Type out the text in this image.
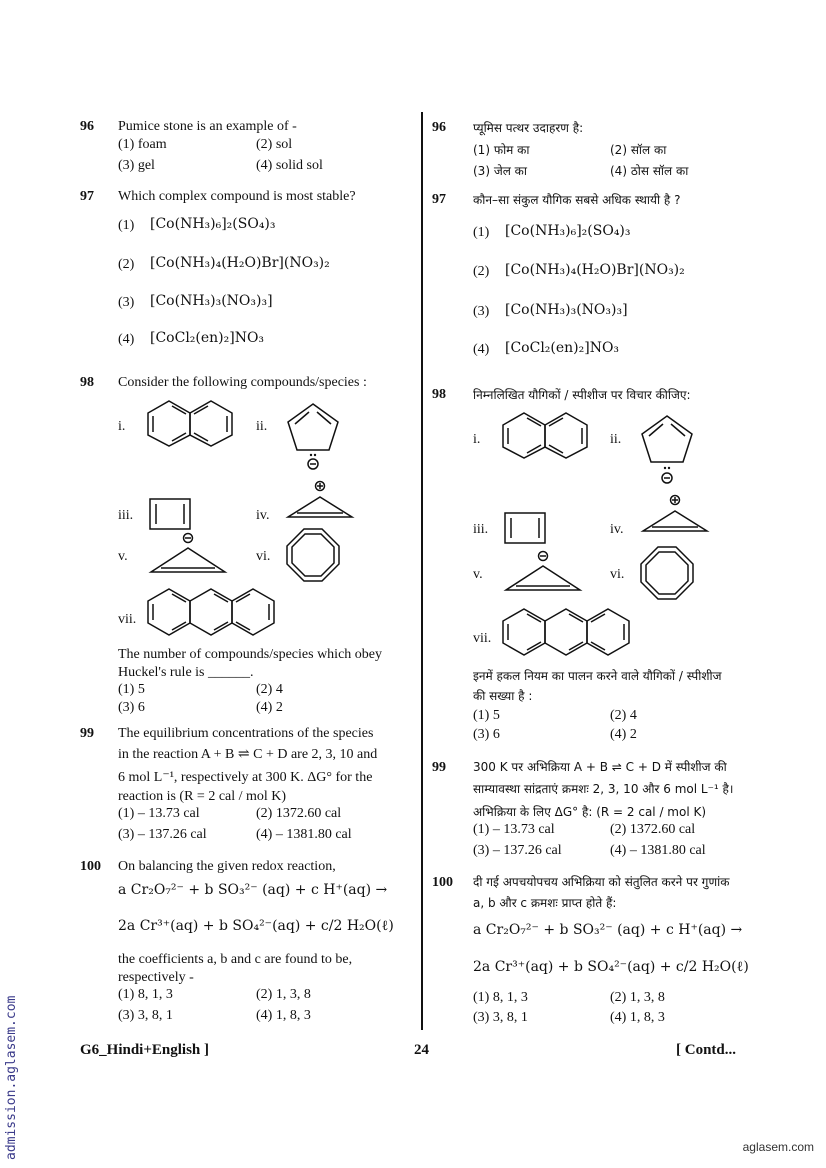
96 Pumice stone is an example of -
(1) foam	(2) sol
(3) gel	(4) solid sol
97 Which complex compound is most stable?
(1) [Co(NH₃)₆]₂(SO₄)₃
(2) [Co(NH₃)₄(H₂O)Br](NO₃)₂
(3) [Co(NH₃)₃(NO₃)₃]
(4) [CoCl₂(en)₂]NO₃
98 Consider the following compounds/species :
i.	ii.
iii.	iv.
v.	vi.
vii.
The number of compounds/species which obey
Huckel's rule is ______.
(1) 5	(2) 4
(3) 6	(4) 2
99 The equilibrium concentrations of the species
in the reaction A + B ⇌ C + D are 2, 3, 10 and
6 mol L⁻¹, respectively at 300 K. ΔG° for the
reaction is (R = 2 cal / mol K)
(1) – 13.73 cal	(2) 1372.60 cal
(3) – 137.26 cal	(4) – 1381.80 cal
100 On balancing the given redox reaction,
a Cr₂O₇²⁻ + b SO₃²⁻ (aq) + c H⁺(aq) →
2a Cr³⁺(aq) + b SO₄²⁻(aq) + c/2 H₂O(ℓ)
the coefficients a, b and c are found to be,
respectively -
(1) 8, 1, 3	(2) 1, 3, 8
(3) 3, 8, 1	(4) 1, 8, 3
96 प्यूमिस पत्थर उदाहरण है:
(1) फोम का	(2) सॉल का
(3) जेल का	(4) ठोस सॉल का
97 कौन–सा संकुल यौगिक सबसे अधिक स्थायी है ?
(1) [Co(NH₃)₆]₂(SO₄)₃
(2) [Co(NH₃)₄(H₂O)Br](NO₃)₂
(3) [Co(NH₃)₃(NO₃)₃]
(4) [CoCl₂(en)₂]NO₃
98 निम्नलिखित यौगिकों / स्पीशीज पर विचार कीजिए:
i.	ii.
iii.	iv.
v.	vi.
vii.
इनमें हकल नियम का पालन करने वाले यौगिकों / स्पीशीज
की सख्या है :
(1) 5	(2) 4
(3) 6	(4) 2
99 300 K पर अभिक्रिया A + B ⇌ C + D में स्पीशीज की
साम्यावस्था सांद्रताएं क्रमशः 2, 3, 10 और 6 mol L⁻¹ है।
अभिक्रिया के लिए ΔG° है: (R = 2 cal / mol K)
(1) – 13.73 cal	(2) 1372.60 cal
(3) – 137.26 cal	(4) – 1381.80 cal
100 दी गई अपचयोपचय अभिक्रिया को संतुलित करने पर गुणांक
a, b और c क्रमशः प्राप्त होते हैं:
a Cr₂O₇²⁻ + b SO₃²⁻ (aq) + c H⁺(aq) →
2a Cr³⁺(aq) + b SO₄²⁻(aq) + c/2 H₂O(ℓ)
(1) 8, 1, 3	(2) 1, 3, 8
(3) 3, 8, 1	(4) 1, 8, 3
G6_Hindi+English ]	24	[ Contd...
admission.aglasem.com	aglasem.com
